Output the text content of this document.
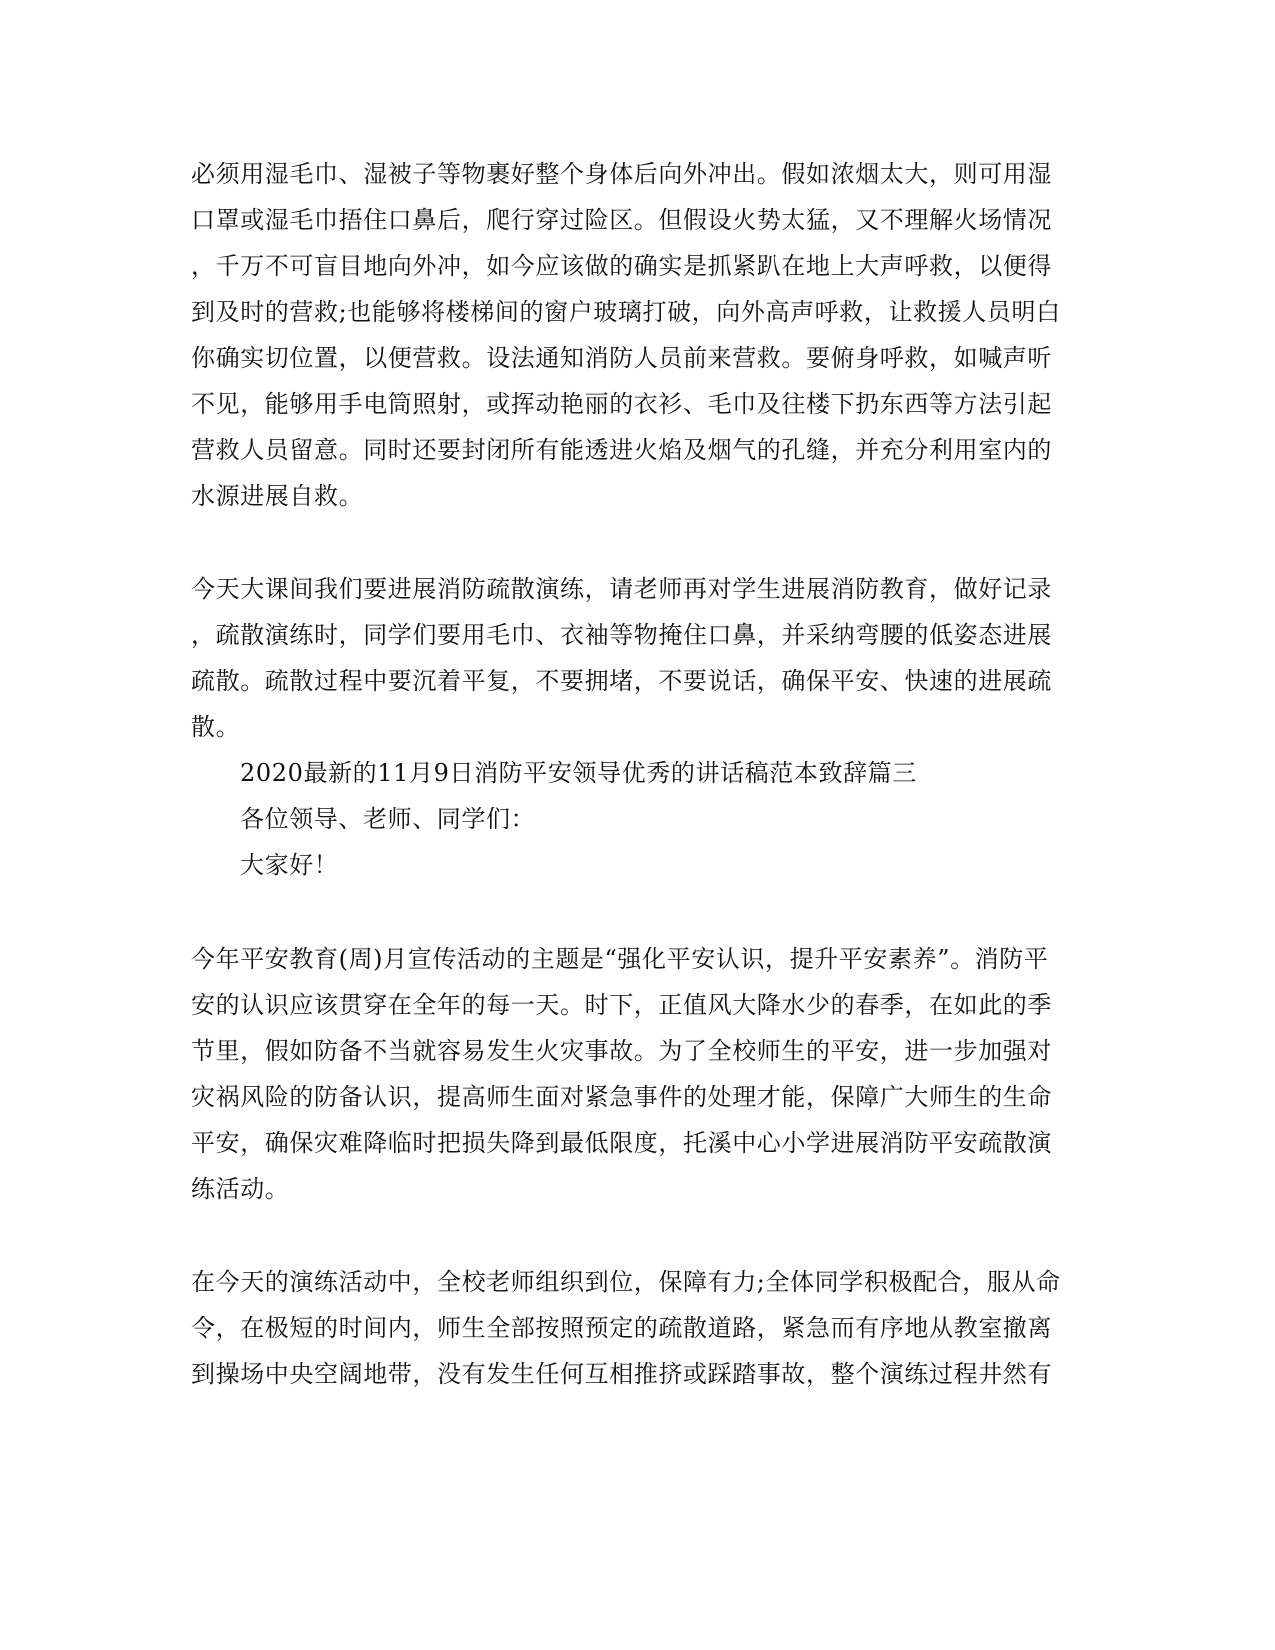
必须用湿毛巾、湿被子等物裹好整个身体后向外冲出。假如浓烟太大，则可用湿
口罩或湿毛巾捂住口鼻后，爬行穿过险区。但假设火势太猛，又不理解火场情况
，千万不可盲目地向外冲，如今应该做的确实是抓紧趴在地上大声呼救，以便得
到及时的营救;也能够将楼梯间的窗户玻璃打破，向外高声呼救，让救援人员明白
你确实切位置，以便营救。设法通知消防人员前来营救。要俯身呼救，如喊声听
不见，能够用手电筒照射，或挥动艳丽的衣衫、毛巾及往楼下扔东西等方法引起
营救人员留意。同时还要封闭所有能透进火焰及烟气的孔缝，并充分利用室内的
水源进展自救。
今天大课间我们要进展消防疏散演练，请老师再对学生进展消防教育，做好记录
，疏散演练时，同学们要用毛巾、衣袖等物掩住口鼻，并采纳弯腰的低姿态进展
疏散。疏散过程中要沉着平复，不要拥堵，不要说话，确保平安、快速的进展疏
散。
2020最新的11月9日消防平安领导优秀的讲话稿范本致辞篇三
各位领导、老师、同学们：
大家好！
今年平安教育(周)月宣传活动的主题是“强化平安认识，提升平安素养”。消防平
安的认识应该贯穿在全年的每一天。时下，正值风大降水少的春季，在如此的季
节里，假如防备不当就容易发生火灾事故。为了全校师生的平安，进一步加强对
灾祸风险的防备认识，提高师生面对紧急事件的处理才能，保障广大师生的生命
平安，确保灾难降临时把损失降到最低限度，托溪中心小学进展消防平安疏散演
练活动。
在今天的演练活动中，全校老师组织到位，保障有力;全体同学积极配合，服从命
令，在极短的时间内，师生全部按照预定的疏散道路，紧急而有序地从教室撤离
到操场中央空阔地带，没有发生任何互相推挤或踩踏事故，整个演练过程井然有
